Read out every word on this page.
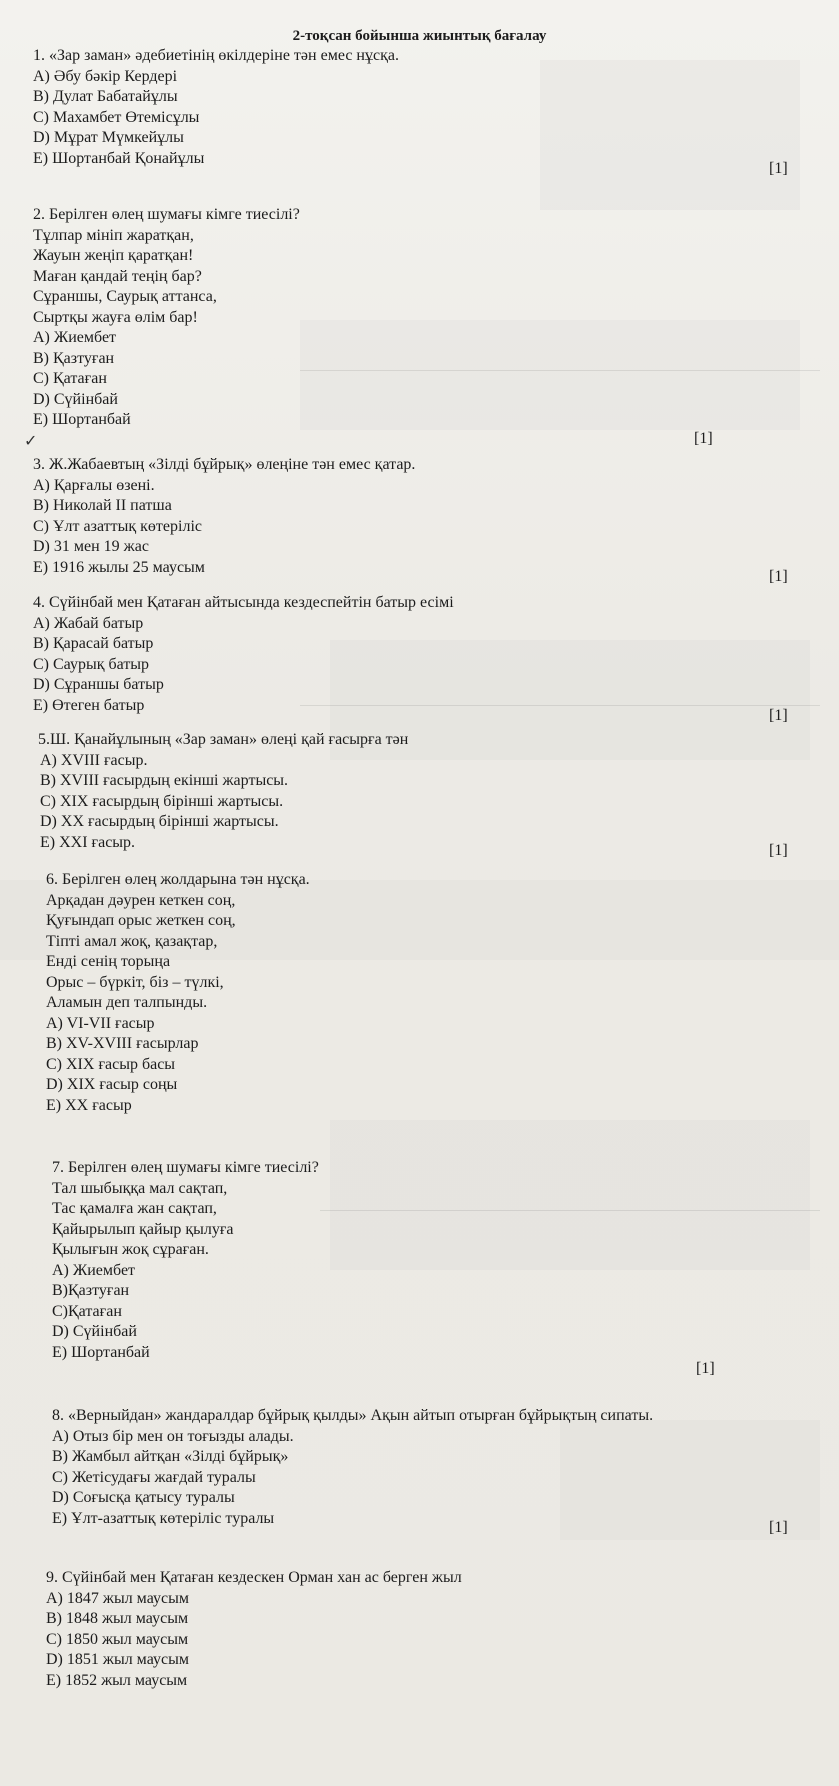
2-тоқсан бойынша жиынтық бағалау
1. «Зар заман» әдебиетінің өкілдеріне тән емес нұсқа.
A) Әбу бәкір Кердері
B) Дулат Бабатайұлы
C) Махамбет Өтемісұлы
D) Мұрат Мүмкейұлы
E) Шортанбай Қонайұлы
[1]
2. Берілген өлең шумағы кімге тиесілі?
Тұлпар мініп жаратқан,
Жауын жеңіп қаратқан!
Маған қандай теңің бар?
Сұраншы, Саурық аттанса,
Сыртқы жауға өлім бар!
A) Жиембет
B) Қазтуған
C) Қатаған
D) Сүйінбай
E) Шортанбай
✓	[1]
3. Ж.Жабаевтың «Зілді бұйрық» өлеңіне тән емес қатар.
A) Қарғалы өзені.
B) Николай II патша
C) Ұлт азаттық көтеріліс
D) 31 мен 19 жас
E) 1916 жылы 25 маусым
[1]
4. Сүйінбай мен Қатаған айтысында кездеспейтін батыр есімі
A) Жабай батыр
B) Қарасай батыр
C) Саурық батыр
D) Сұраншы батыр
E) Өтеген батыр
[1]
5.Ш. Қанайұлының «Зар заман» өлеңі қай ғасырға тән
A) XVIII ғасыр.
B) XVIII ғасырдың екінші жартысы.
C) XIX ғасырдың бірінші жартысы.
D) XX ғасырдың бірінші жартысы.
E) XXI ғасыр.	[1]
6. Берілген өлең жолдарына тән нұсқа.
Арқадан дәурен кеткен соң,
Қуғындап орыс жеткен соң,
Тіпті амал жоқ, қазақтар,
Енді сенің торыңа
Орыс – бүркіт, біз – түлкі,
Аламын деп талпынды.
A) VI-VII ғасыр
B) XV-XVIII ғасырлар
C) XIX ғасыр басы
D) XIX ғасыр соңы
E) XX ғасыр
7. Берілген өлең шумағы кімге тиесілі?
Тал шыбыққа мал сақтап,
Тас қамалға жан сақтап,
Қайырылып қайыр қылуға
Қылығын жоқ сұраған.
A) Жиембет
B)Қазтуған
C)Қатаған
D) Сүйінбай
E) Шортанбай
[1]
8. «Верныйдан» жандаралдар бұйрық қылды» Ақын айтып отырған бұйрықтың сипаты.
A) Отыз бір мен он тоғызды алады.
B) Жамбыл айтқан «Зілді бұйрық»
C) Жетісудағы жағдай туралы
D) Соғысқа қатысу туралы
E) Ұлт-азаттық көтеріліс туралы
[1]
9. Сүйінбай мен Қатаған кездескен Орман хан ас берген жыл
A) 1847 жыл маусым
B) 1848 жыл маусым
C) 1850 жыл маусым
D) 1851 жыл маусым
E) 1852 жыл маусым
